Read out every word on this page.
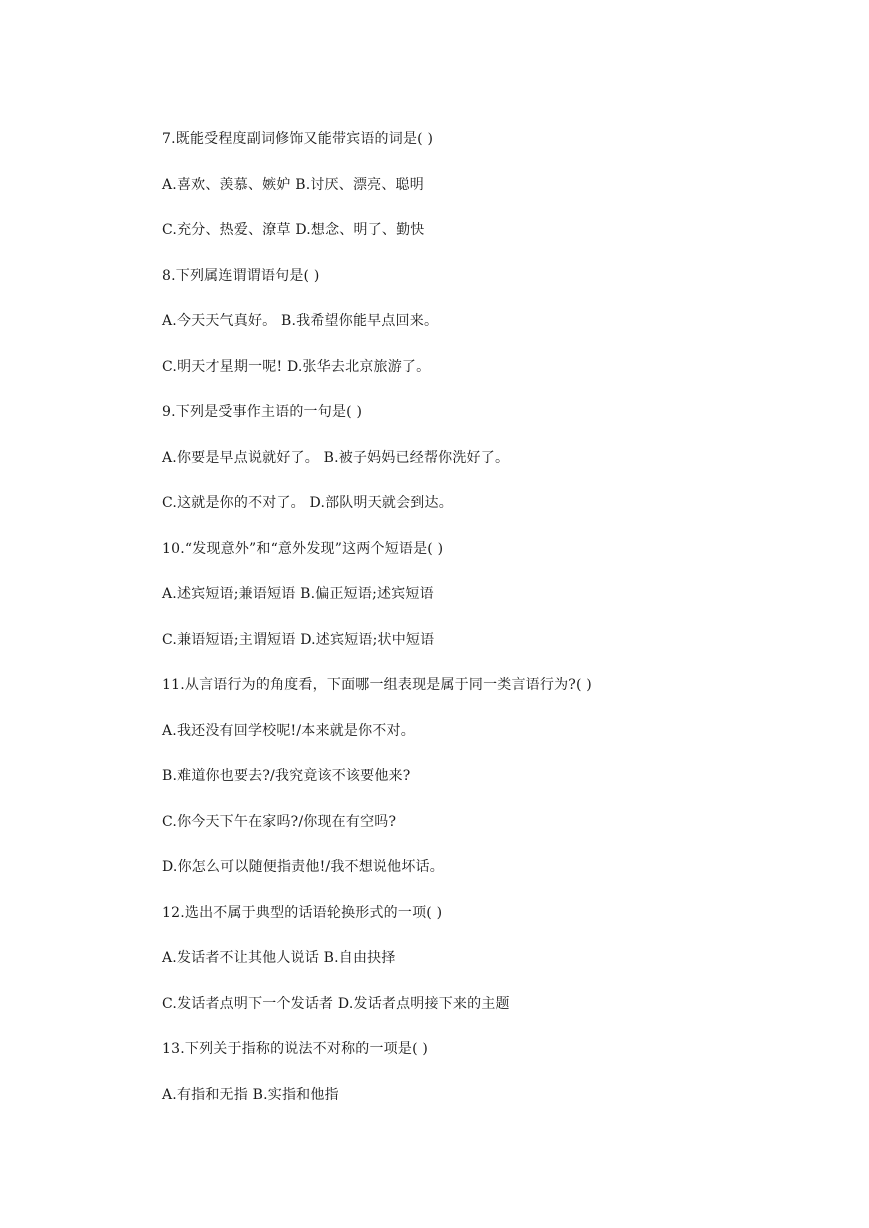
7.既能受程度副词修饰又能带宾语的词是( )
A.喜欢、羡慕、嫉妒 B.讨厌、漂亮、聪明
C.充分、热爱、潦草 D.想念、明了、勤快
8.下列属连谓谓语句是( )
A.今天天气真好。 B.我希望你能早点回来。
C.明天才星期一呢! D.张华去北京旅游了。
9.下列是受事作主语的一句是( )
A.你要是早点说就好了。 B.被子妈妈已经帮你洗好了。
C.这就是你的不对了。 D.部队明天就会到达。
10.“发现意外”和“意外发现”这两个短语是( )
A.述宾短语;兼语短语 B.偏正短语;述宾短语
C.兼语短语;主谓短语 D.述宾短语;状中短语
11.从言语行为的角度看，下面哪一组表现是属于同一类言语行为?( )
A.我还没有回学校呢!/本来就是你不对。
B.难道你也要去?/我究竟该不该要他来?
C.你今天下午在家吗?/你现在有空吗?
D.你怎么可以随便指责他!/我不想说他坏话。
12.选出不属于典型的话语轮换形式的一项( )
A.发话者不让其他人说话 B.自由抉择
C.发话者点明下一个发话者 D.发话者点明接下来的主题
13.下列关于指称的说法不对称的一项是( )
A.有指和无指 B.实指和他指
